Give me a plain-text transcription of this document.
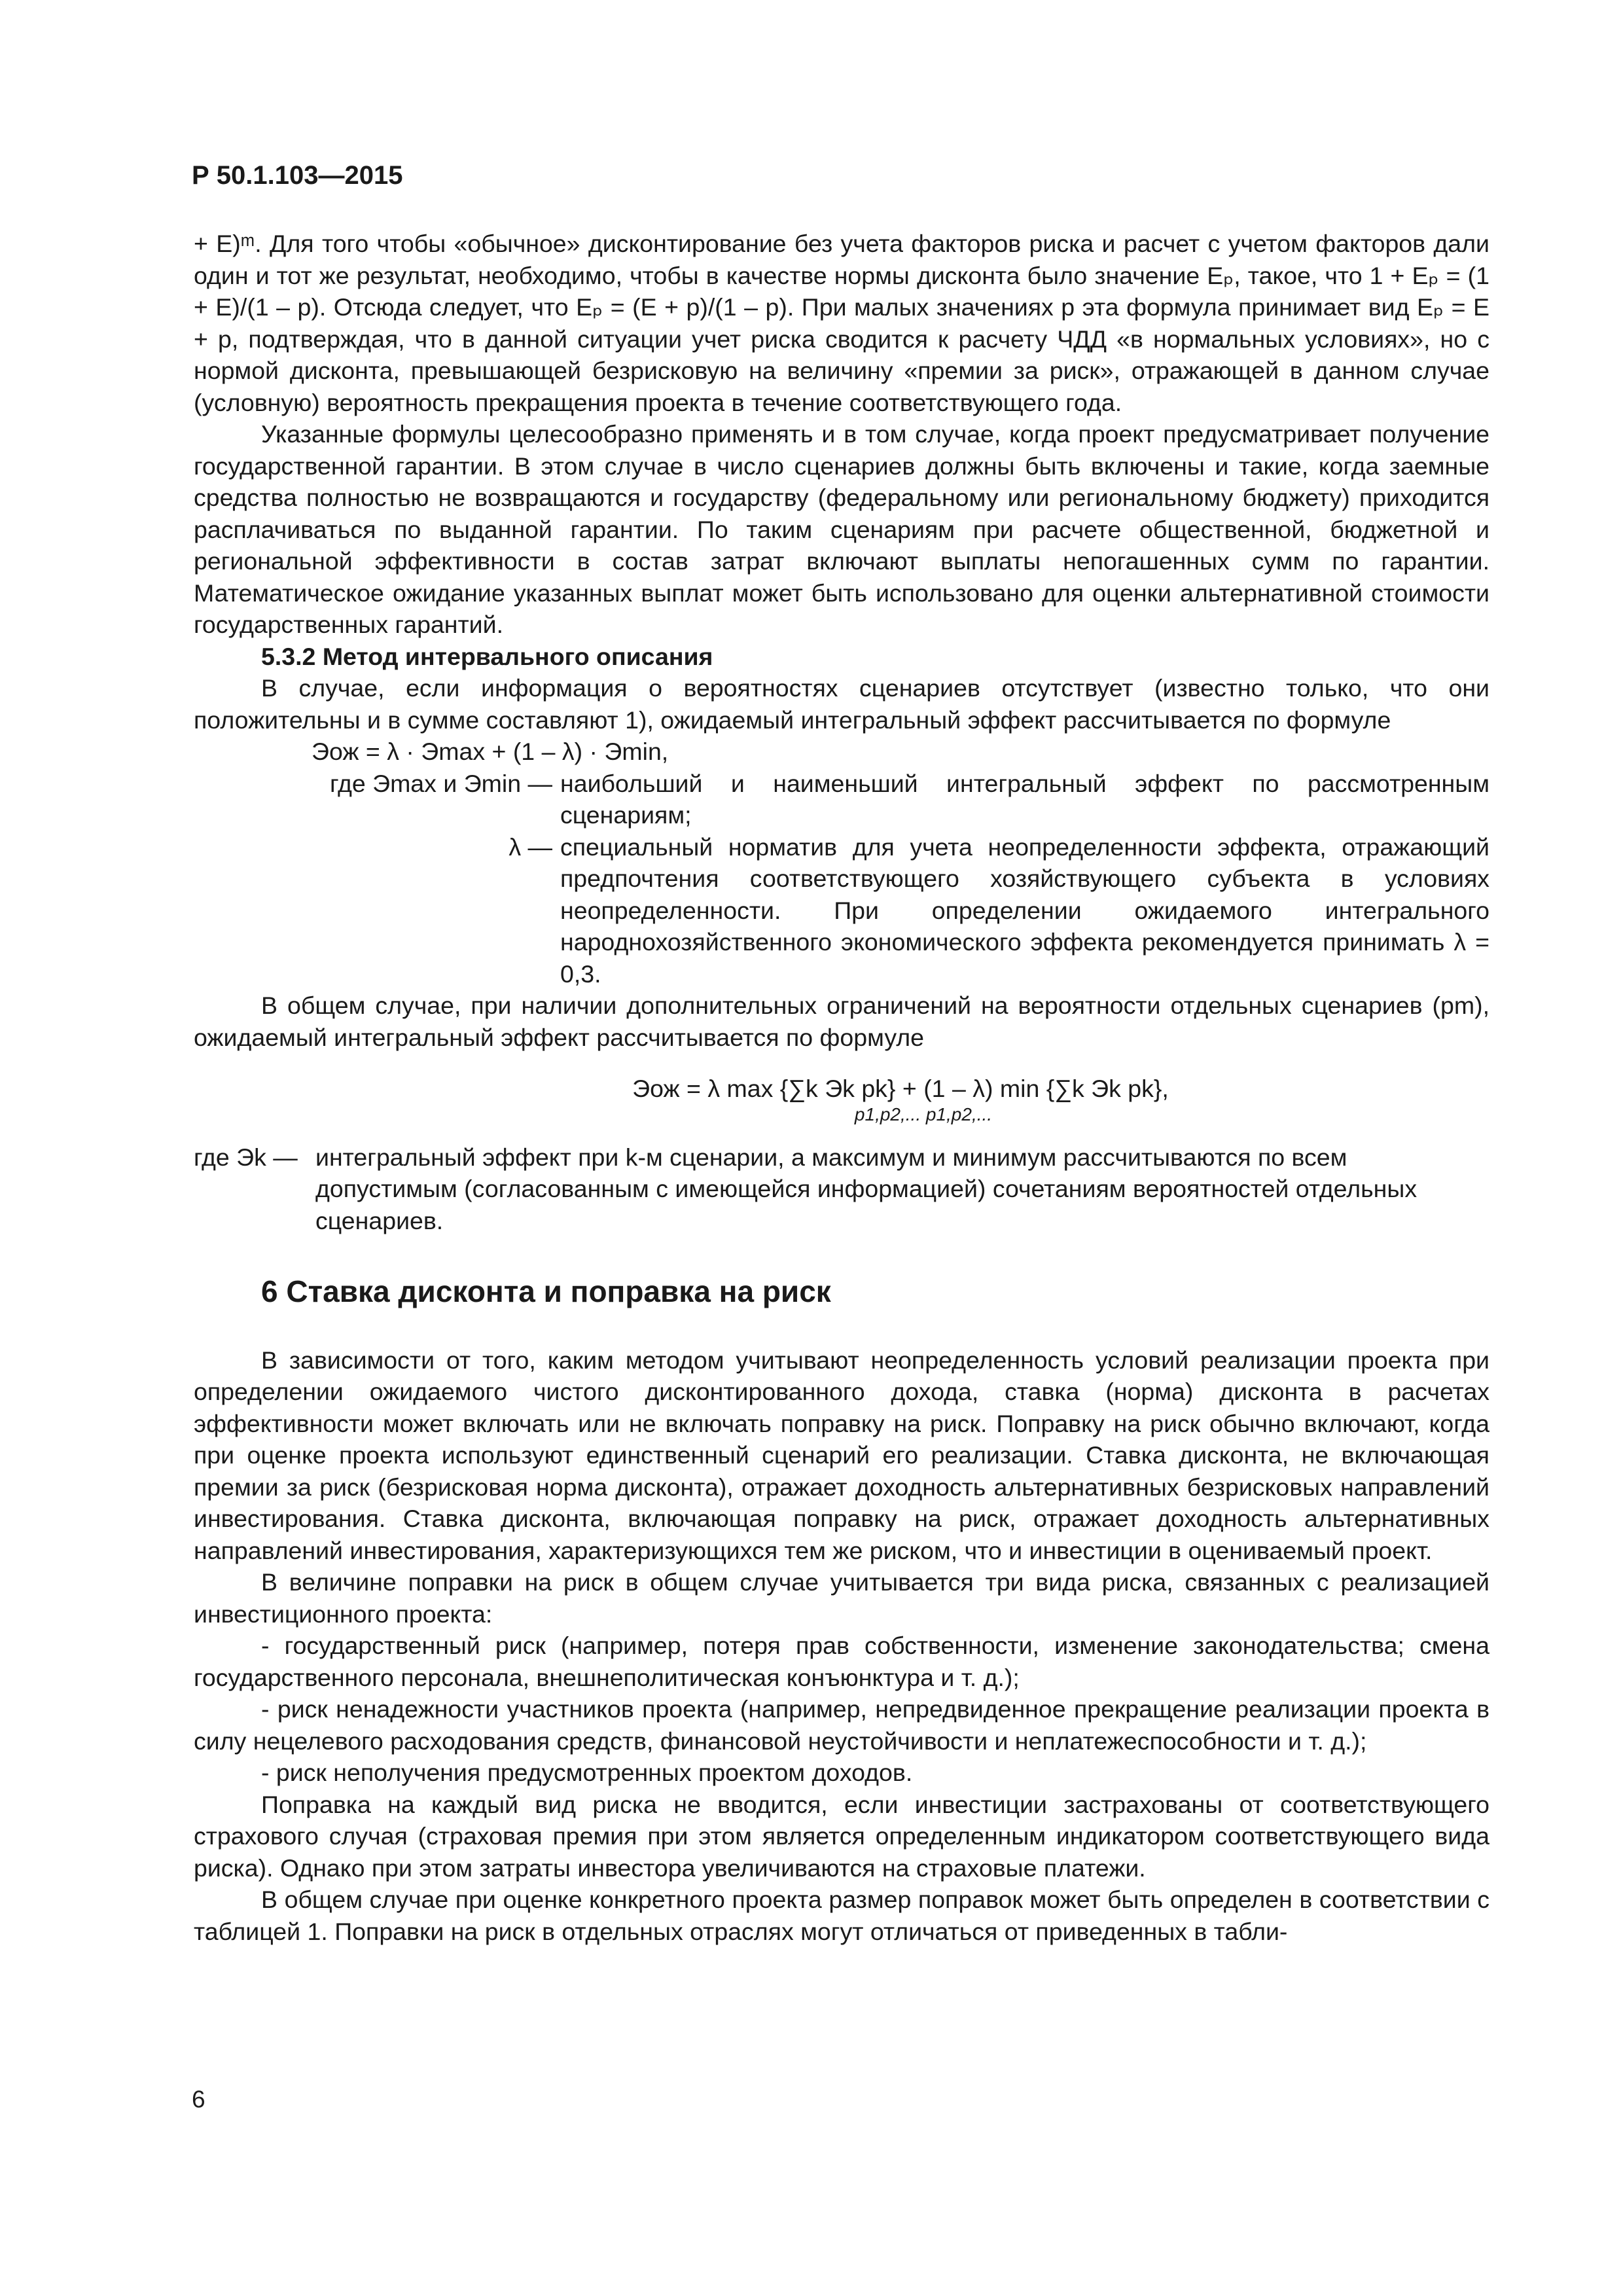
Р 50.1.103—2015

+ E)ᵐ. Для того чтобы «обычное» дисконтирование без учета факторов риска и расчет с учетом факторов дали один и тот же результат, необходимо, чтобы в качестве нормы дисконта было значение Eₚ, такое, что 1 + Eₚ = (1 + E)/(1 – p). Отсюда следует, что Eₚ = (E + p)/(1 – p). При малых значениях p эта формула принимает вид Eₚ = E + p, подтверждая, что в данной ситуации учет риска сводится к расчету ЧДД «в нормальных условиях», но с нормой дисконта, превышающей безрисковую на величину «премии за риск», отражающей в данном случае (условную) вероятность прекращения проекта в течение соответствующего года.

Указанные формулы целесообразно применять и в том случае, когда проект предусматривает получение государственной гарантии. В этом случае в число сценариев должны быть включены и такие, когда заемные средства полностью не возвращаются и государству (федеральному или региональному бюджету) приходится расплачиваться по выданной гарантии. По таким сценариям при расчете общественной, бюджетной и региональной эффективности в состав затрат включают выплаты непогашенных сумм по гарантии. Математическое ожидание указанных выплат может быть использовано для оценки альтернативной стоимости государственных гарантий.

5.3.2 Метод интервального описания

В случае, если информация о вероятностях сценариев отсутствует (известно только, что они положительны и в сумме составляют 1), ожидаемый интегральный эффект рассчитывается по формуле

Эож = λ · Эmax + (1 – λ) · Эmin,

где Эmax и Эmin — наибольший и наименьший интегральный эффект по рассмотренным сценариям;
λ — специальный норматив для учета неопределенности эффекта, отражающий предпочтения соответствующего хозяйствующего субъекта в условиях неопределенности. При определении ожидаемого интегрального народнохозяйственного экономического эффекта рекомендуется принимать λ = 0,3.

В общем случае, при наличии дополнительных ограничений на вероятности отдельных сценариев (pm), ожидаемый интегральный эффект рассчитывается по формуле

Эож = λ max {∑k Эk pk} + (1 – λ) min {∑k Эk pk},
p1,p2,... p1,p2,...
где Эk — интегральный эффект при k-м сценарии, а максимум и минимум рассчитываются по всем допустимым (согласованным с имеющейся информацией) сочетаниям вероятностей отдельных сценариев.
6 Ставка дисконта и поправка на риск

В зависимости от того, каким методом учитывают неопределенность условий реализации проекта при определении ожидаемого чистого дисконтированного дохода, ставка (норма) дисконта в расчетах эффективности может включать или не включать поправку на риск. Поправку на риск обычно включают, когда при оценке проекта используют единственный сценарий его реализации. Ставка дисконта, не включающая премии за риск (безрисковая норма дисконта), отражает доходность альтернативных безрисковых направлений инвестирования. Ставка дисконта, включающая поправку на риск, отражает доходность альтернативных направлений инвестирования, характеризующихся тем же риском, что и инвестиции в оцениваемый проект.

В величине поправки на риск в общем случае учитывается три вида риска, связанных с реализацией инвестиционного проекта:

- государственный риск (например, потеря прав собственности, изменение законодательства; смена государственного персонала, внешнеполитическая конъюнктура и т. д.);

- риск ненадежности участников проекта (например, непредвиденное прекращение реализации проекта в силу нецелевого расходования средств, финансовой неустойчивости и неплатежеспособности и т. д.);

- риск неполучения предусмотренных проектом доходов.

Поправка на каждый вид риска не вводится, если инвестиции застрахованы от соответствующего страхового случая (страховая премия при этом является определенным индикатором соответствующего вида риска). Однако при этом затраты инвестора увеличиваются на страховые платежи.

В общем случае при оценке конкретного проекта размер поправок может быть определен в соответствии с таблицей 1. Поправки на риск в отдельных отраслях могут отличаться от приведенных в табли-

6
